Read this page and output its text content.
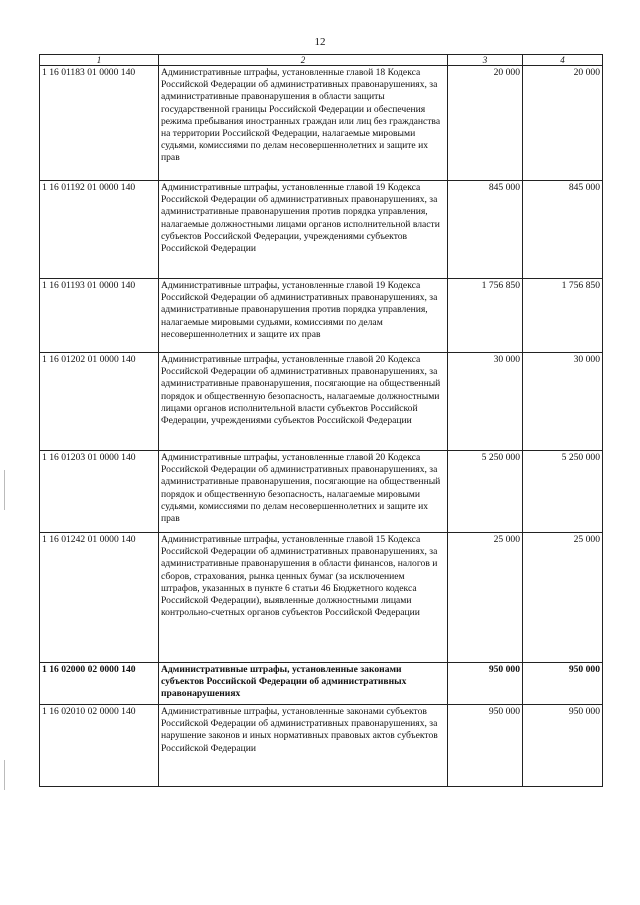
12
1	2	3	4
1 16 01183 01 0000 140	Административные штрафы, установленные главой 18 Кодекса Российской Федерации об административных правонарушениях, за административные правонарушения в области защиты государственной границы Российской Федерации и обеспечения режима пребывания иностранных граждан или лиц без гражданства на территории Российской Федерации, налагаемые мировыми судьями, комиссиями по делам несовершеннолетних и защите их прав	20 000	20 000
1 16 01192 01 0000 140	Административные штрафы, установленные главой 19 Кодекса Российской Федерации об административных правонарушениях, за административные правонарушения против порядка управления, налагаемые должностными лицами органов исполнительной власти субъектов Российской Федерации, учреждениями субъектов Российской Федерации	845 000	845 000
1 16 01193 01 0000 140	Административные штрафы, установленные главой 19 Кодекса Российской Федерации об административных правонарушениях, за административные правонарушения против порядка управления, налагаемые мировыми судьями, комиссиями по делам несовершеннолетних и защите их прав	1 756 850	1 756 850
1 16 01202 01 0000 140	Административные штрафы, установленные главой 20 Кодекса Российской Федерации об административных правонарушениях, за административные правонарушения, посягающие на общественный порядок и общественную безопасность, налагаемые должностными лицами органов исполнительной власти субъектов Российской Федерации, учреждениями субъектов Российской Федерации	30 000	30 000
1 16 01203 01 0000 140	Административные штрафы, установленные главой 20 Кодекса Российской Федерации об административных правонарушениях, за административные правонарушения, посягающие на общественный порядок и общественную безопасность, налагаемые мировыми судьями, комиссиями по делам несовершеннолетних и защите их прав	5 250 000	5 250 000
1 16 01242 01 0000 140	Административные штрафы, установленные главой 15 Кодекса Российской Федерации об административных правонарушениях, за административные правонарушения в области финансов, налогов и сборов, страхования, рынка ценных бумаг (за исключением штрафов, указанных в пункте 6 статьи 46 Бюджетного кодекса Российской Федерации), выявленные должностными лицами контрольно-счетных органов субъектов Российской Федерации	25 000	25 000
1 16 02000 02 0000 140	Административные штрафы, установленные законами субъектов Российской Федерации об административных правонарушениях	950 000	950 000
1 16 02010 02 0000 140	Административные штрафы, установленные законами субъектов Российской Федерации об административных правонарушениях, за нарушение законов и иных нормативных правовых актов субъектов Российской Федерации	950 000	950 000
